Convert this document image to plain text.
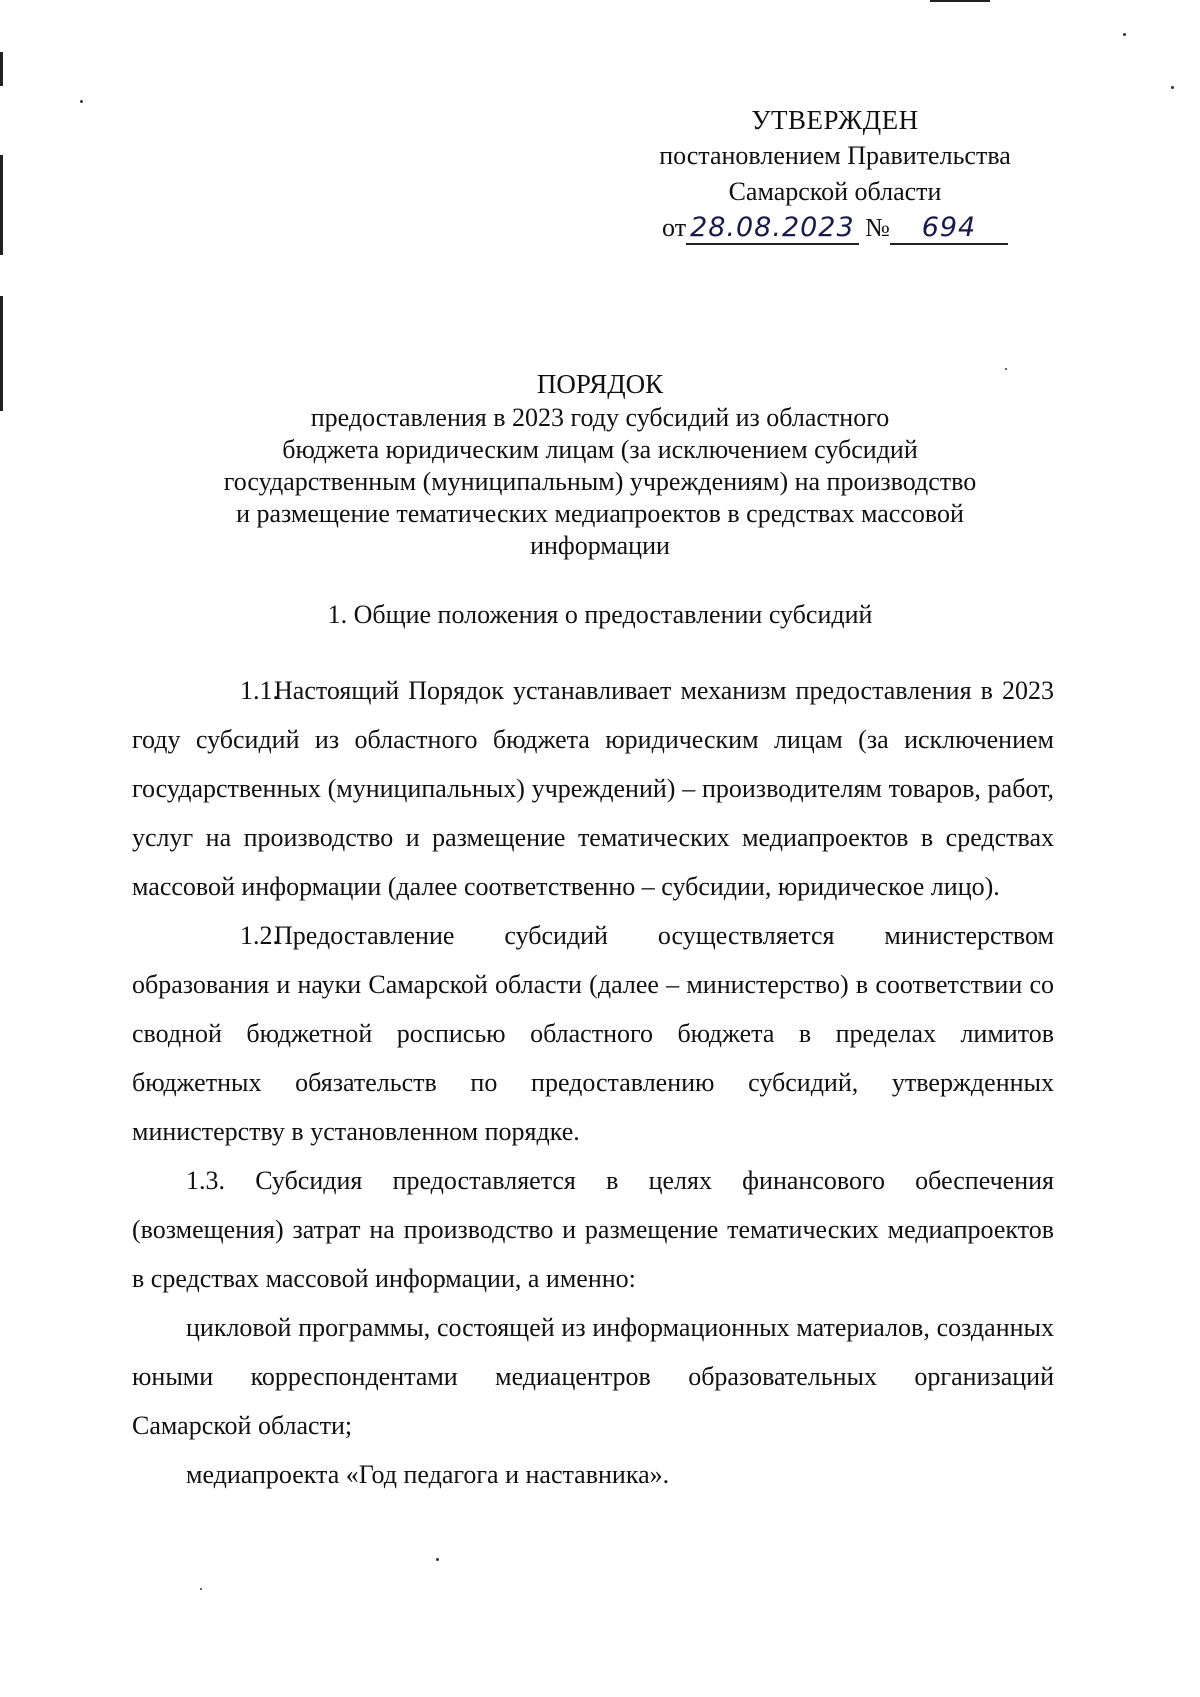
УТВЕРЖДЕН
постановлением Правительства
Самарской области
от 28.08.2023 № 694
ПОРЯДОК
предоставления в 2023 году субсидий из областного
бюджета юридическим лицам (за исключением субсидий
государственным (муниципальным) учреждениям) на производство
и размещение тематических медиапроектов в средствах массовой
информации
1. Общие положения о предоставлении субсидий

1.1.Настоящий Порядок устанавливает механизм предоставления в 2023 году субсидий из областного бюджета юридическим лицам (за исключением государственных (муниципальных) учреждений) – производителям товаров, работ, услуг на производство и размещение тематических медиапроектов в средствах массовой информации (далее соответственно – субсидии, юридическое лицо).

1.2.Предоставление субсидий осуществляется министерством образования и науки Самарской области (далее – министерство) в соответствии со сводной бюджетной росписью областного бюджета в пределах лимитов бюджетных обязательств по предоставлению субсидий, утвержденных министерству в установленном порядке.

1.3. Субсидия предоставляется в целях финансового обеспечения (возмещения) затрат на производство и размещение тематических медиапроектов в средствах массовой информации, а именно:

цикловой программы, состоящей из информационных материалов, созданных юными корреспондентами медиацентров образовательных организаций Самарской области;

медиапроекта «Год педагога и наставника».
